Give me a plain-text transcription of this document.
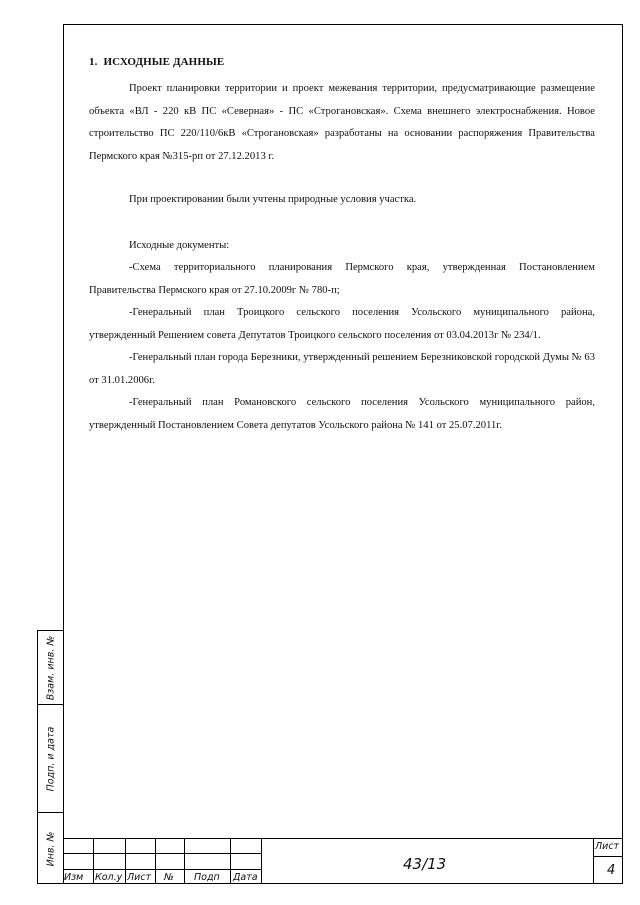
Взам. инв. №
Подп. и дата
Инв. №
1. ИСХОДНЫЕ ДАННЫЕ

Проект планировки территории и проект межевания территории, предусматривающие размещение объекта «ВЛ - 220 кВ ПС «Северная» - ПС «Строгановская». Схема внешнего электроснабжения. Новое строительство ПС 220/110/6кВ «Строгановская» разработаны на основании распоряжения Правительства Пермского края №315-рп от 27.12.2013 г.

При проектировании были учтены природные условия участка.

Исходные документы:

-Схема территориального планирования Пермского края, утвержденная Постановлением Правительства Пермского края от 27.10.2009г № 780-п;

-Генеральный план Троицкого сельского поселения Усольского муниципального района, утвержденный Решением совета Депутатов Троицкого сельского поселения от 03.04.2013г № 234/1.

-Генеральный план города Березники, утвержденный решением Березниковской городской Думы № 63 от 31.01.2006г.

-Генеральный план Романовского сельского поселения Усольского муниципального район, утвержденный Постановлением Совета депутатов Усольского района № 141 от 25.07.2011г.

Изм Кол.у Лист № Подп Дата
43/13
Лист
4
